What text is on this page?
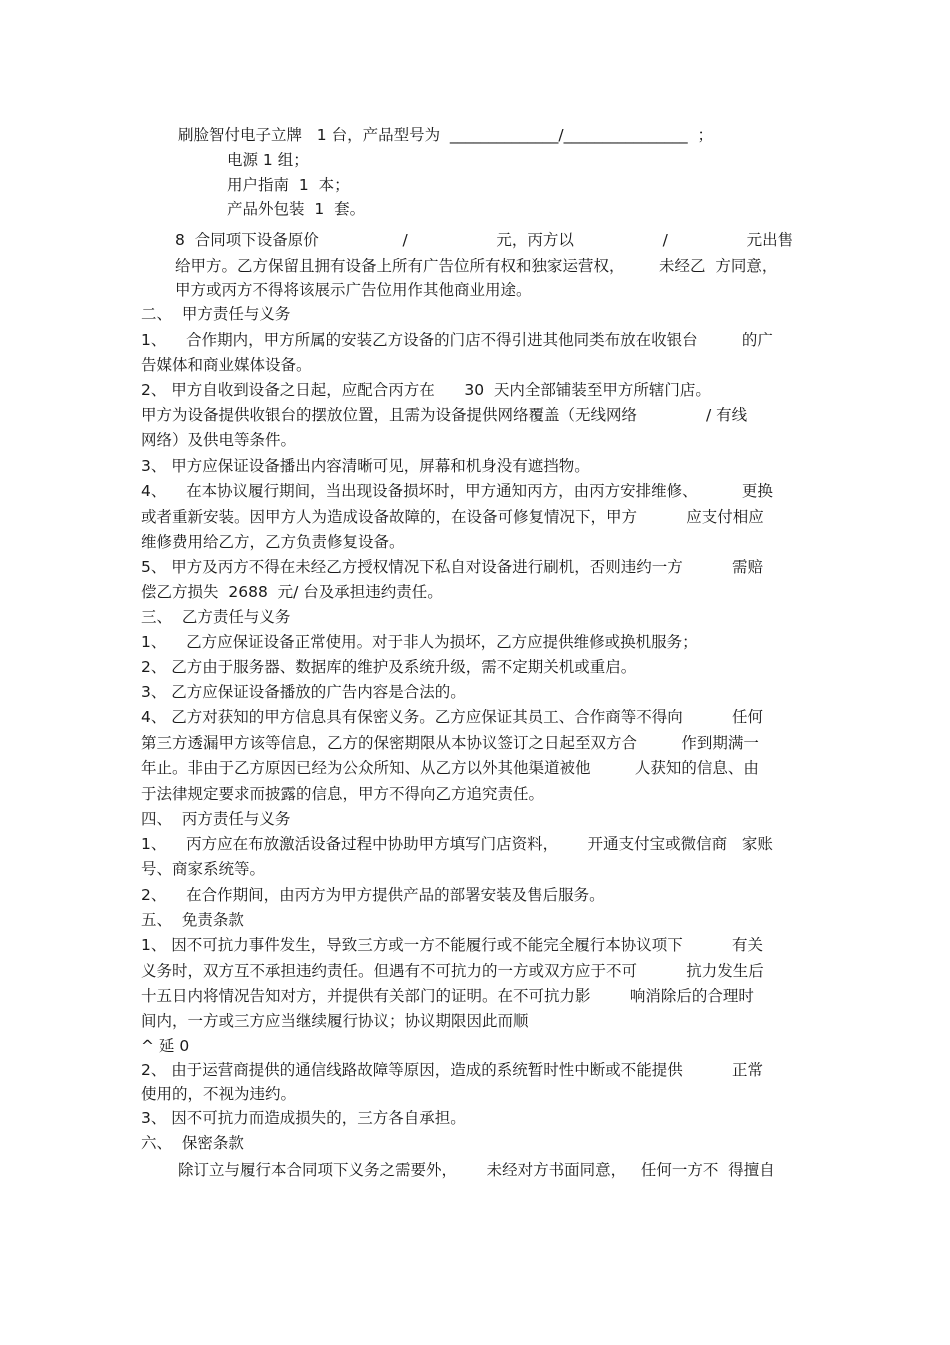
刷脸智付电子立牌   1 台，产品型号为  ______________/________________  ；
电源 1 组；
用户指南  1  本；
产品外包装  1  套。
8  合同项下设备原价                 /                  元，丙方以                  /                元出售
给甲方。乙方保留且拥有设备上所有广告位所有权和独家运营权，       未经乙  方同意，
甲方或丙方不得将该展示广告位用作其他商业用途。
二、  甲方责任与义务
1、    合作期内，甲方所属的安装乙方设备的门店不得引进其他同类布放在收银台         的广
告媒体和商业媒体设备。
2、 甲方自收到设备之日起，应配合丙方在      30  天内全部铺装至甲方所辖门店。
甲方为设备提供收银台的摆放位置，且需为设备提供网络覆盖（无线网络              / 有线
网络）及供电等条件。
3、 甲方应保证设备播出内容清晰可见，屏幕和机身没有遮挡物。
4、    在本协议履行期间，当出现设备损坏时，甲方通知丙方，由丙方安排维修、         更换
或者重新安装。因甲方人为造成设备故障的，在设备可修复情况下，甲方          应支付相应
维修费用给乙方，乙方负责修复设备。
5、 甲方及丙方不得在未经乙方授权情况下私自对设备进行刷机，否则违约一方          需赔
偿乙方损失  2688  元/ 台及承担违约责任。
三、  乙方责任与义务
1、    乙方应保证设备正常使用。对于非人为损坏，乙方应提供维修或换机服务；
2、 乙方由于服务器、数据库的维护及系统升级，需不定期关机或重启。
3、 乙方应保证设备播放的广告内容是合法的。
4、 乙方对获知的甲方信息具有保密义务。乙方应保证其员工、合作商等不得向          任何
第三方透漏甲方该等信息，乙方的保密期限从本协议签订之日起至双方合         作到期满一
年止。非由于乙方原因已经为公众所知、从乙方以外其他渠道被他         人获知的信息、由
于法律规定要求而披露的信息，甲方不得向乙方追究责任。
四、  丙方责任与义务
1、    丙方应在布放激活设备过程中协助甲方填写门店资料，      开通支付宝或微信商   家账
号、商家系统等。
2、    在合作期间，由丙方为甲方提供产品的部署安装及售后服务。
五、  免责条款
1、 因不可抗力事件发生，导致三方或一方不能履行或不能完全履行本协议项下          有关
义务时，双方互不承担违约责任。但遇有不可抗力的一方或双方应于不可          抗力发生后
十五日内将情况告知对方，并提供有关部门的证明。在不可抗力影        响消除后的合理时
间内，一方或三方应当继续履行协议；协议期限因此而顺
^ 延 0
2、 由于运营商提供的通信线路故障等原因，造成的系统暂时性中断或不能提供          正常
使用的，不视为违约。
3、 因不可抗力而造成损失的，三方各自承担。
六、  保密条款
除订立与履行本合同项下义务之需要外，      未经对方书面同意，   任何一方不  得擅自
